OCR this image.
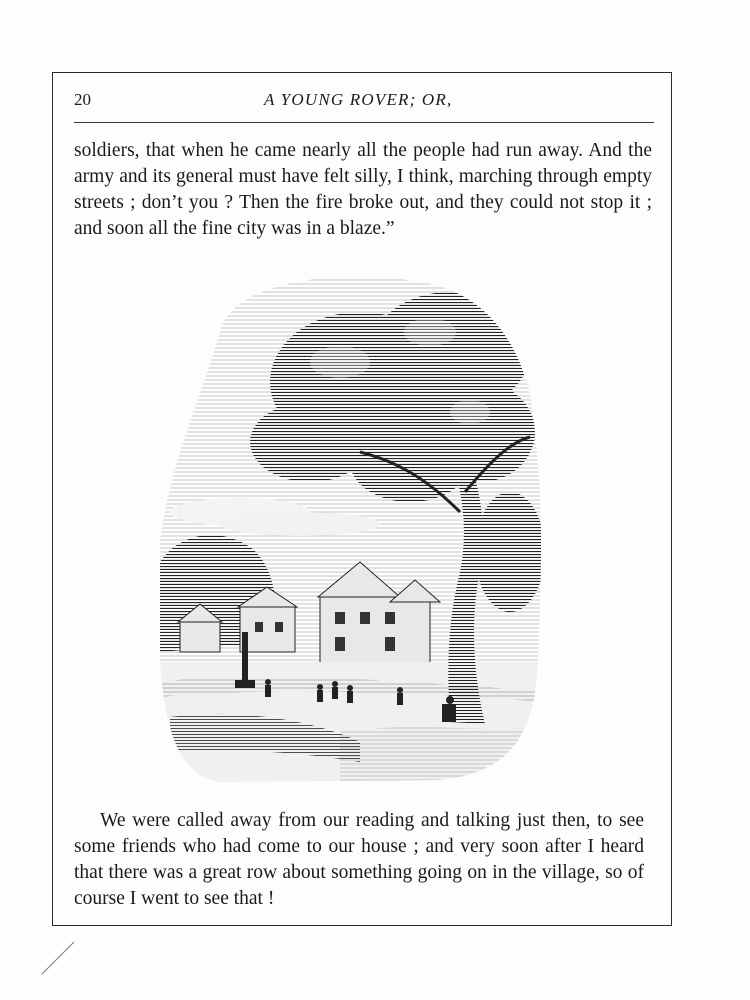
20	A YOUNG ROVER; OR,

soldiers, that when he came nearly all the people had run away. And the army and its general must have felt silly, I think, marching through empty streets ; don’t you ? Then the fire broke out, and they could not stop it ; and soon all the fine city was in a blaze.”

We were called away from our reading and talking just then, to see some friends who had come to our house ; and very soon after I heard that there was a great row about something going on in the village, so of course I went to see that !
